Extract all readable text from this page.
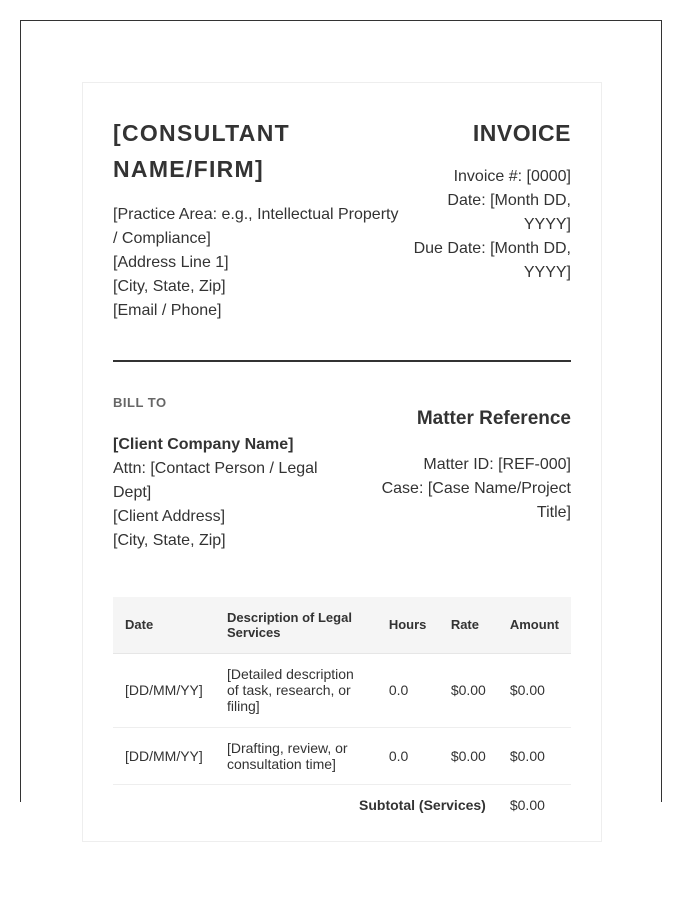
[CONSULTANT NAME/FIRM]
[Practice Area: e.g., Intellectual Property / Compliance]
[Address Line 1]
[City, State, Zip]
[Email / Phone]
INVOICE
Invoice #: [0000]
Date: [Month DD, YYYY]
Due Date: [Month DD, YYYY]
BILL TO
[Client Company Name]
Attn: [Contact Person / Legal Dept]
[Client Address]
[City, State, Zip]
Matter Reference
Matter ID: [REF-000]
Case: [Case Name/Project Title]
Date	Description of Legal Services	Hours	Rate	Amount
[DD/MM/YY]	[Detailed description of task, research, or filing]	0.0	$0.00	$0.00
[DD/MM/YY]	[Drafting, review, or consultation time]	0.0	$0.00	$0.00
Subtotal (Services)				$0.00
